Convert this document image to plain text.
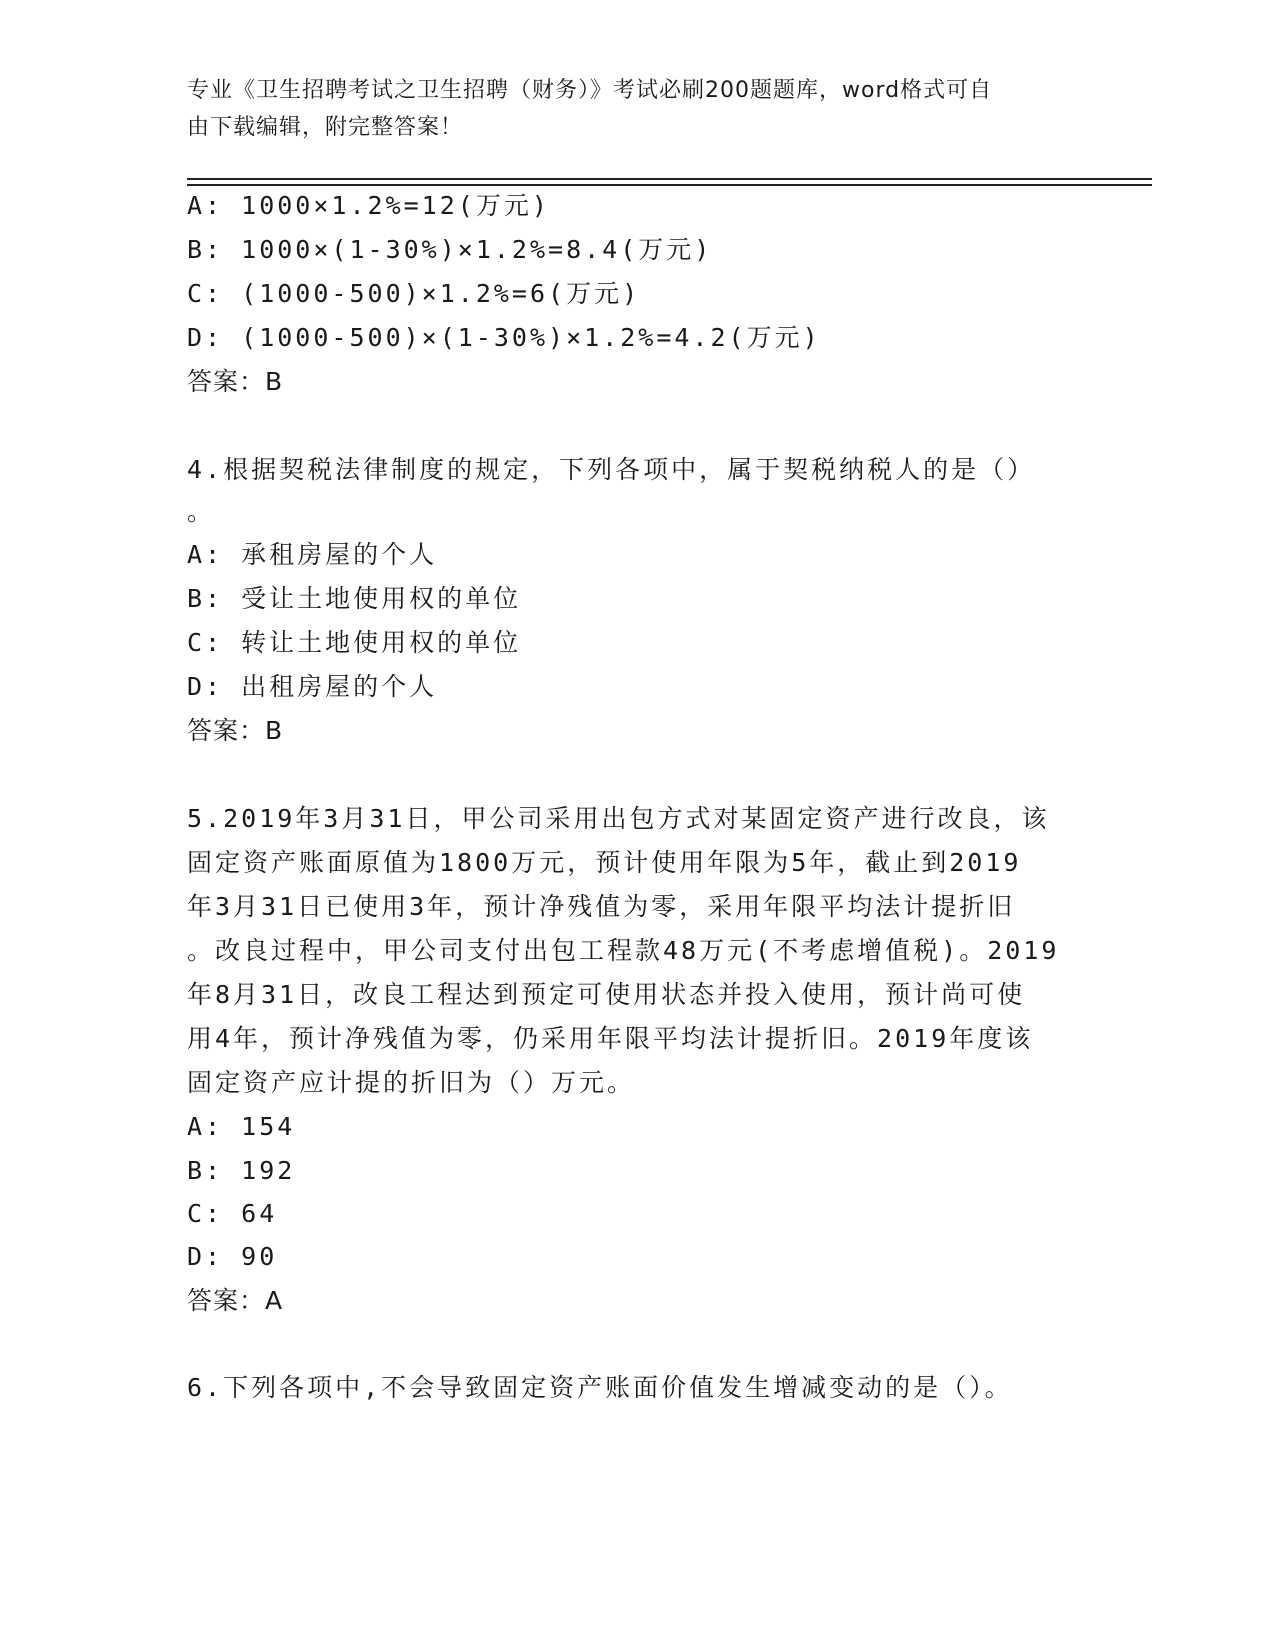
专业《卫生招聘考试之卫生招聘（财务）》考试必刷200题题库，word格式可自
由下载编辑，附完整答案！
A: 1000×1.2%=12(万元)
B: 1000×(1-30%)×1.2%=8.4(万元)
C: (1000-500)×1.2%=6(万元)
D: (1000-500)×(1-30%)×1.2%=4.2(万元)
答案：B
4.根据契税法律制度的规定，下列各项中，属于契税纳税人的是（）
。
A: 承租房屋的个人
B: 受让土地使用权的单位
C: 转让土地使用权的单位
D: 出租房屋的个人
答案：B
5.2019年3月31日，甲公司采用出包方式对某固定资产进行改良，该
固定资产账面原值为1800万元，预计使用年限为5年，截止到2019
年3月31日已使用3年，预计净残值为零，采用年限平均法计提折旧
。改良过程中，甲公司支付出包工程款48万元(不考虑增值税)。2019
年8月31日，改良工程达到预定可使用状态并投入使用，预计尚可使
用4年，预计净残值为零，仍采用年限平均法计提折旧。2019年度该
固定资产应计提的折旧为（）万元。
A: 154
B: 192
C: 64
D: 90
答案：A
6.下列各项中,不会导致固定资产账面价值发生增减变动的是（）。
